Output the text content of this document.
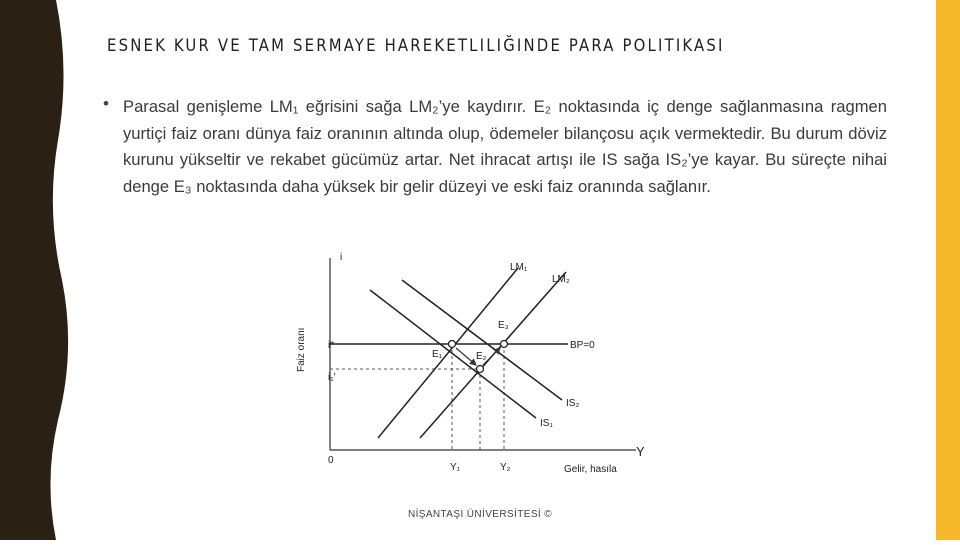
ESNEK KUR VE TAM SERMAYE HAREKETLILIĞINDE PARA POLITIKASI
• Parasal genişleme LM₁ eğrisini sağa LM₂’ye kaydırır. E₂ noktasında iç denge sağlanmasına ragmen yurtiçi faiz oranı dünya faiz oranının altında olup, ödemeler bilançosu açık vermektedir. Bu durum döviz kurunu yükseltir ve rekabet gücümüz artar. Net ihracat artışı ile IS sağa IS₂’ye kayar. Bu süreçte nihai denge E₃ noktasında daha yüksek bir gelir düzeyi ve eski faiz oranında sağlanır.
i
Faiz oranı
Y
Gelir, hasıla
0
BP=0
i*
i₁'
Y₁	Y₂
LM₁
LM₂
IS₁
IS₂
E₁	E₂
E₃
NİŞANTAŞI ÜNİVERSİTESİ ©
